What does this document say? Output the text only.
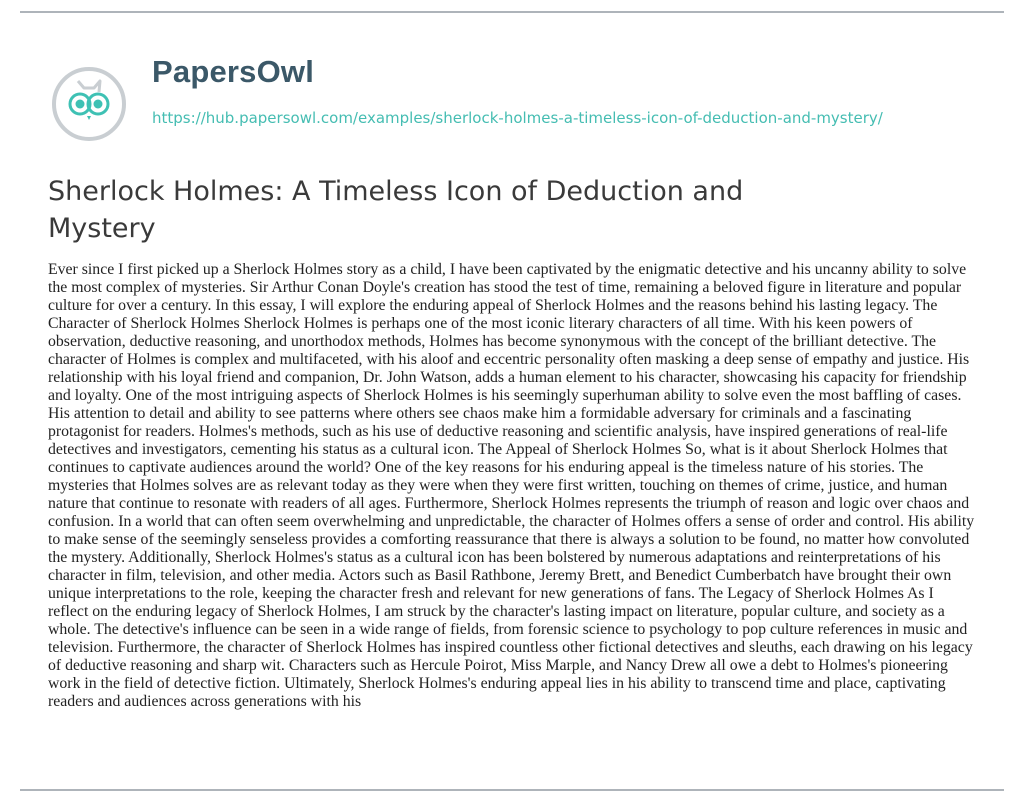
PapersOwl
https://hub.papersowl.com/examples/sherlock-holmes-a-timeless-icon-of-deduction-and-mystery/
Sherlock Holmes: A Timeless Icon of Deduction and Mystery

Ever since I first picked up a Sherlock Holmes story as a child, I have been captivated by the enigmatic detective and his uncanny ability to solve the most complex of mysteries. Sir Arthur Conan Doyle's creation has stood the test of time, remaining a beloved figure in literature and popular culture for over a century. In this essay, I will explore the enduring appeal of Sherlock Holmes and the reasons behind his lasting legacy. The Character of Sherlock Holmes Sherlock Holmes is perhaps one of the most iconic literary characters of all time. With his keen powers of observation, deductive reasoning, and unorthodox methods, Holmes has become synonymous with the concept of the brilliant detective. The character of Holmes is complex and multifaceted, with his aloof and eccentric personality often masking a deep sense of empathy and justice. His relationship with his loyal friend and companion, Dr. John Watson, adds a human element to his character, showcasing his capacity for friendship and loyalty. One of the most intriguing aspects of Sherlock Holmes is his seemingly superhuman ability to solve even the most baffling of cases. His attention to detail and ability to see patterns where others see chaos make him a formidable adversary for criminals and a fascinating protagonist for readers. Holmes's methods, such as his use of deductive reasoning and scientific analysis, have inspired generations of real-life detectives and investigators, cementing his status as a cultural icon. The Appeal of Sherlock Holmes So, what is it about Sherlock Holmes that continues to captivate audiences around the world? One of the key reasons for his enduring appeal is the timeless nature of his stories. The mysteries that Holmes solves are as relevant today as they were when they were first written, touching on themes of crime, justice, and human nature that continue to resonate with readers of all ages. Furthermore, Sherlock Holmes represents the triumph of reason and logic over chaos and confusion. In a world that can often seem overwhelming and unpredictable, the character of Holmes offers a sense of order and control. His ability to make sense of the seemingly senseless provides a comforting reassurance that there is always a solution to be found, no matter how convoluted the mystery. Additionally, Sherlock Holmes's status as a cultural icon has been bolstered by numerous adaptations and reinterpretations of his character in film, television, and other media. Actors such as Basil Rathbone, Jeremy Brett, and Benedict Cumberbatch have brought their own unique interpretations to the role, keeping the character fresh and relevant for new generations of fans. The Legacy of Sherlock Holmes As I reflect on the enduring legacy of Sherlock Holmes, I am struck by the character's lasting impact on literature, popular culture, and society as a whole. The detective's influence can be seen in a wide range of fields, from forensic science to psychology to pop culture references in music and television. Furthermore, the character of Sherlock Holmes has inspired countless other fictional detectives and sleuths, each drawing on his legacy of deductive reasoning and sharp wit. Characters such as Hercule Poirot, Miss Marple, and Nancy Drew all owe a debt to Holmes's pioneering work in the field of detective fiction. Ultimately, Sherlock Holmes's enduring appeal lies in his ability to transcend time and place, captivating readers and audiences across generations with his
